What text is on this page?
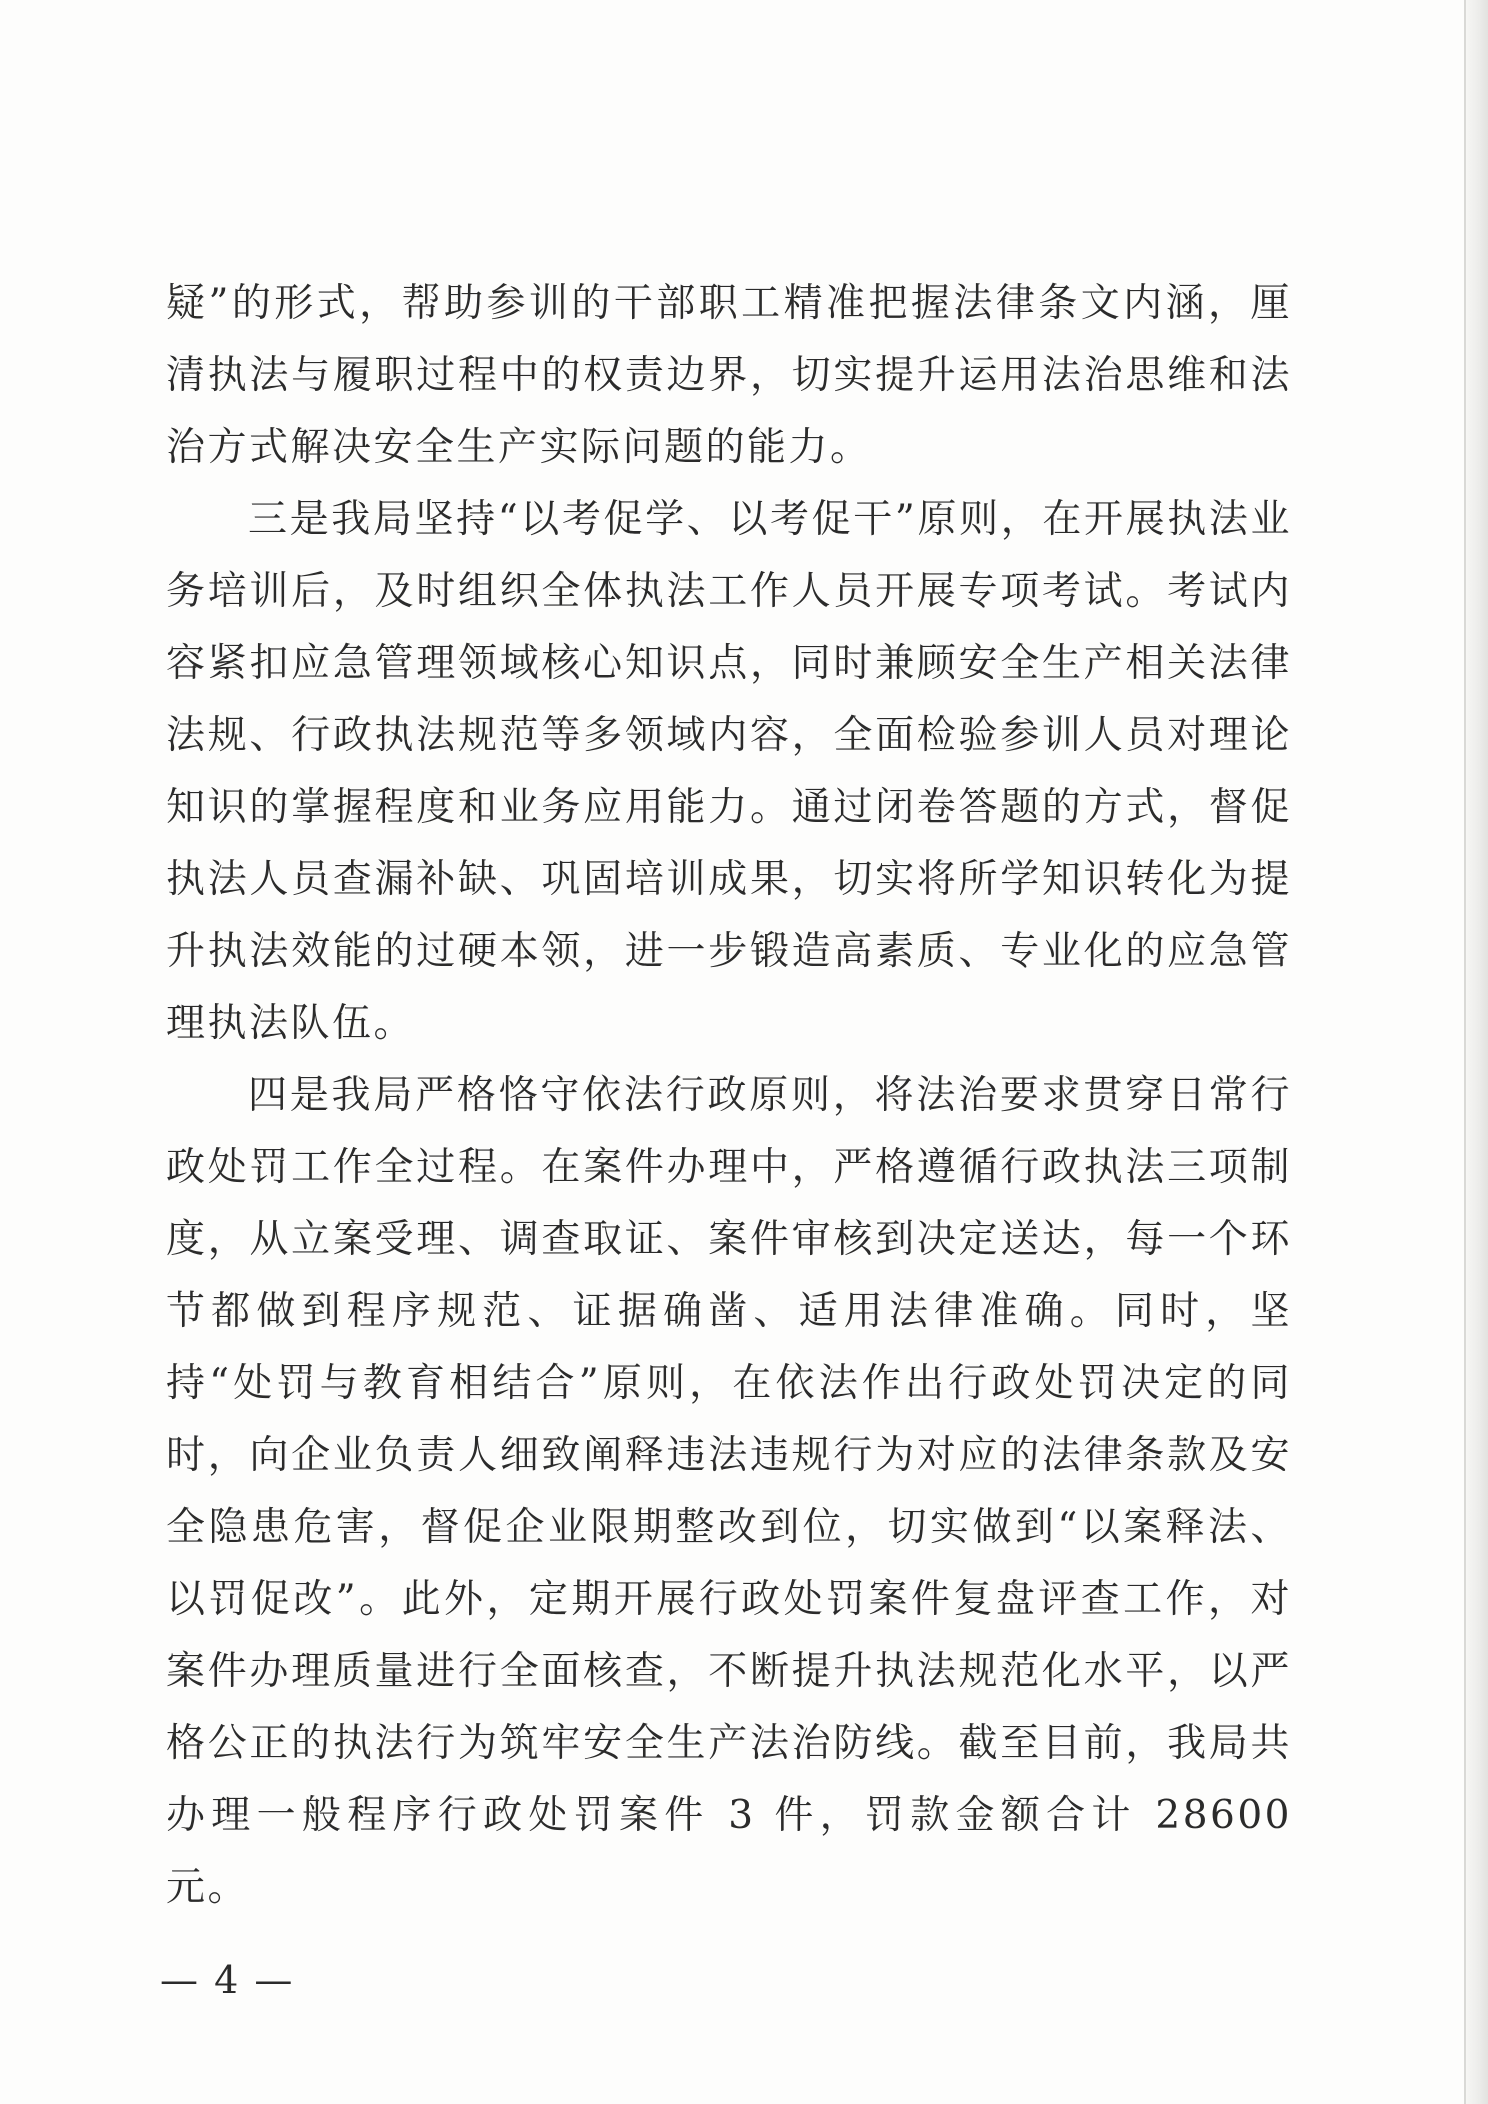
疑”的形式，帮助参训的干部职工精准把握法律条文内涵，厘清执法与履职过程中的权责边界，切实提升运用法治思维和法治方式解决安全生产实际问题的能力。

三是我局坚持“以考促学、以考促干”原则，在开展执法业务培训后，及时组织全体执法工作人员开展专项考试。考试内容紧扣应急管理领域核心知识点，同时兼顾安全生产相关法律法规、行政执法规范等多领域内容，全面检验参训人员对理论知识的掌握程度和业务应用能力。通过闭卷答题的方式，督促执法人员查漏补缺、巩固培训成果，切实将所学知识转化为提升执法效能的过硬本领，进一步锻造高素质、专业化的应急管理执法队伍。

四是我局严格恪守依法行政原则，将法治要求贯穿日常行政处罚工作全过程。在案件办理中，严格遵循行政执法三项制度，从立案受理、调查取证、案件审核到决定送达，每一个环节都做到程序规范、证据确凿、适用法律准确。同时，坚持“处罚与教育相结合”原则，在依法作出行政处罚决定的同时，向企业负责人细致阐释违法违规行为对应的法律条款及安全隐患危害，督促企业限期整改到位，切实做到“以案释法、以罚促改”。此外，定期开展行政处罚案件复盘评查工作，对案件办理质量进行全面核查，不断提升执法规范化水平，以严格公正的执法行为筑牢安全生产法治防线。截至目前，我局共办理一般程序行政处罚案件 3 件，罚款金额合计 28600 元。

— 4 —
